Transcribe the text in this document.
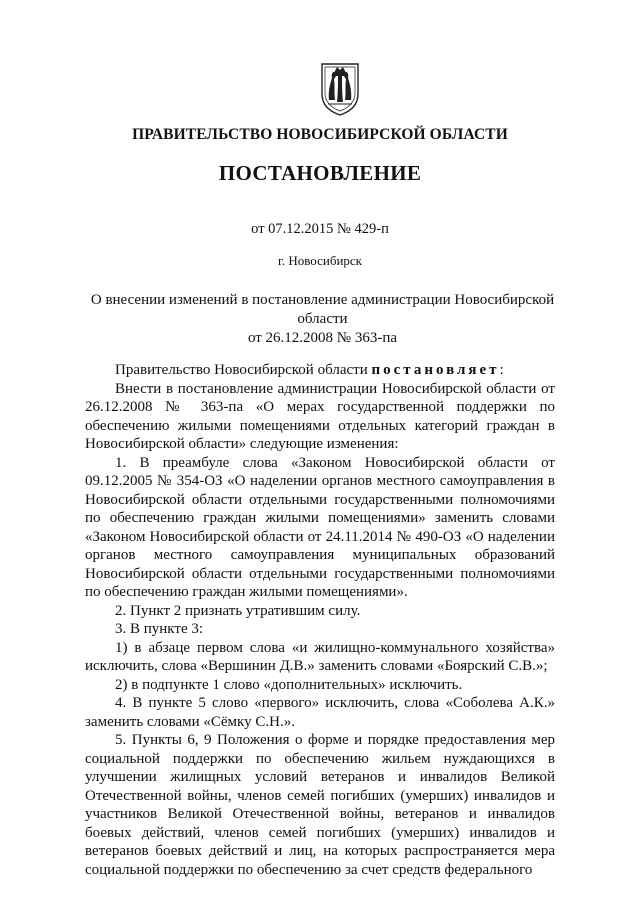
ПРАВИТЕЛЬСТВО НОВОСИБИРСКОЙ ОБЛАСТИ
ПОСТАНОВЛЕНИЕ
от 07.12.2015 № 429-п
г. Новосибирск
О внесении изменений в постановление администрации Новосибирской области
от 26.12.2008 № 363-па

Правительство Новосибирской области постановляет:

Внести в постановление администрации Новосибирской области от 26.12.2008 № 363-па «О мерах государственной поддержки по обеспечению жилыми помещениями отдельных категорий граждан в Новосибирской области» следующие изменения:

1. В преамбуле слова «Законом Новосибирской области от 09.12.2005 № 354-ОЗ «О наделении органов местного самоуправления в Новосибирской области отдельными государственными полномочиями по обеспечению граждан жилыми помещениями» заменить словами «Законом Новосибирской области от 24.11.2014 № 490-ОЗ «О наделении органов местного самоуправления муниципальных образований Новосибирской области отдельными государственными полномочиями по обеспечению граждан жилыми помещениями».

2. Пункт 2 признать утратившим силу.

3. В пункте 3:

1) в абзаце первом слова «и жилищно-коммунального хозяйства» исключить, слова «Вершинин Д.В.» заменить словами «Боярский С.В.»;

2) в подпункте 1 слово «дополнительных» исключить.

4. В пункте 5 слово «первого» исключить, слова «Соболева А.К.» заменить словами «Сёмку С.Н.».

5. Пункты 6, 9 Положения о форме и порядке предоставления мер социальной поддержки по обеспечению жильем нуждающихся в улучшении жилищных условий ветеранов и инвалидов Великой Отечественной войны, членов семей погибших (умерших) инвалидов и участников Великой Отечественной войны, ветеранов и инвалидов боевых действий, членов семей погибших (умерших) инвалидов и ветеранов боевых действий и лиц, на которых распространяется мера социальной поддержки по обеспечению за счет средств федерального
